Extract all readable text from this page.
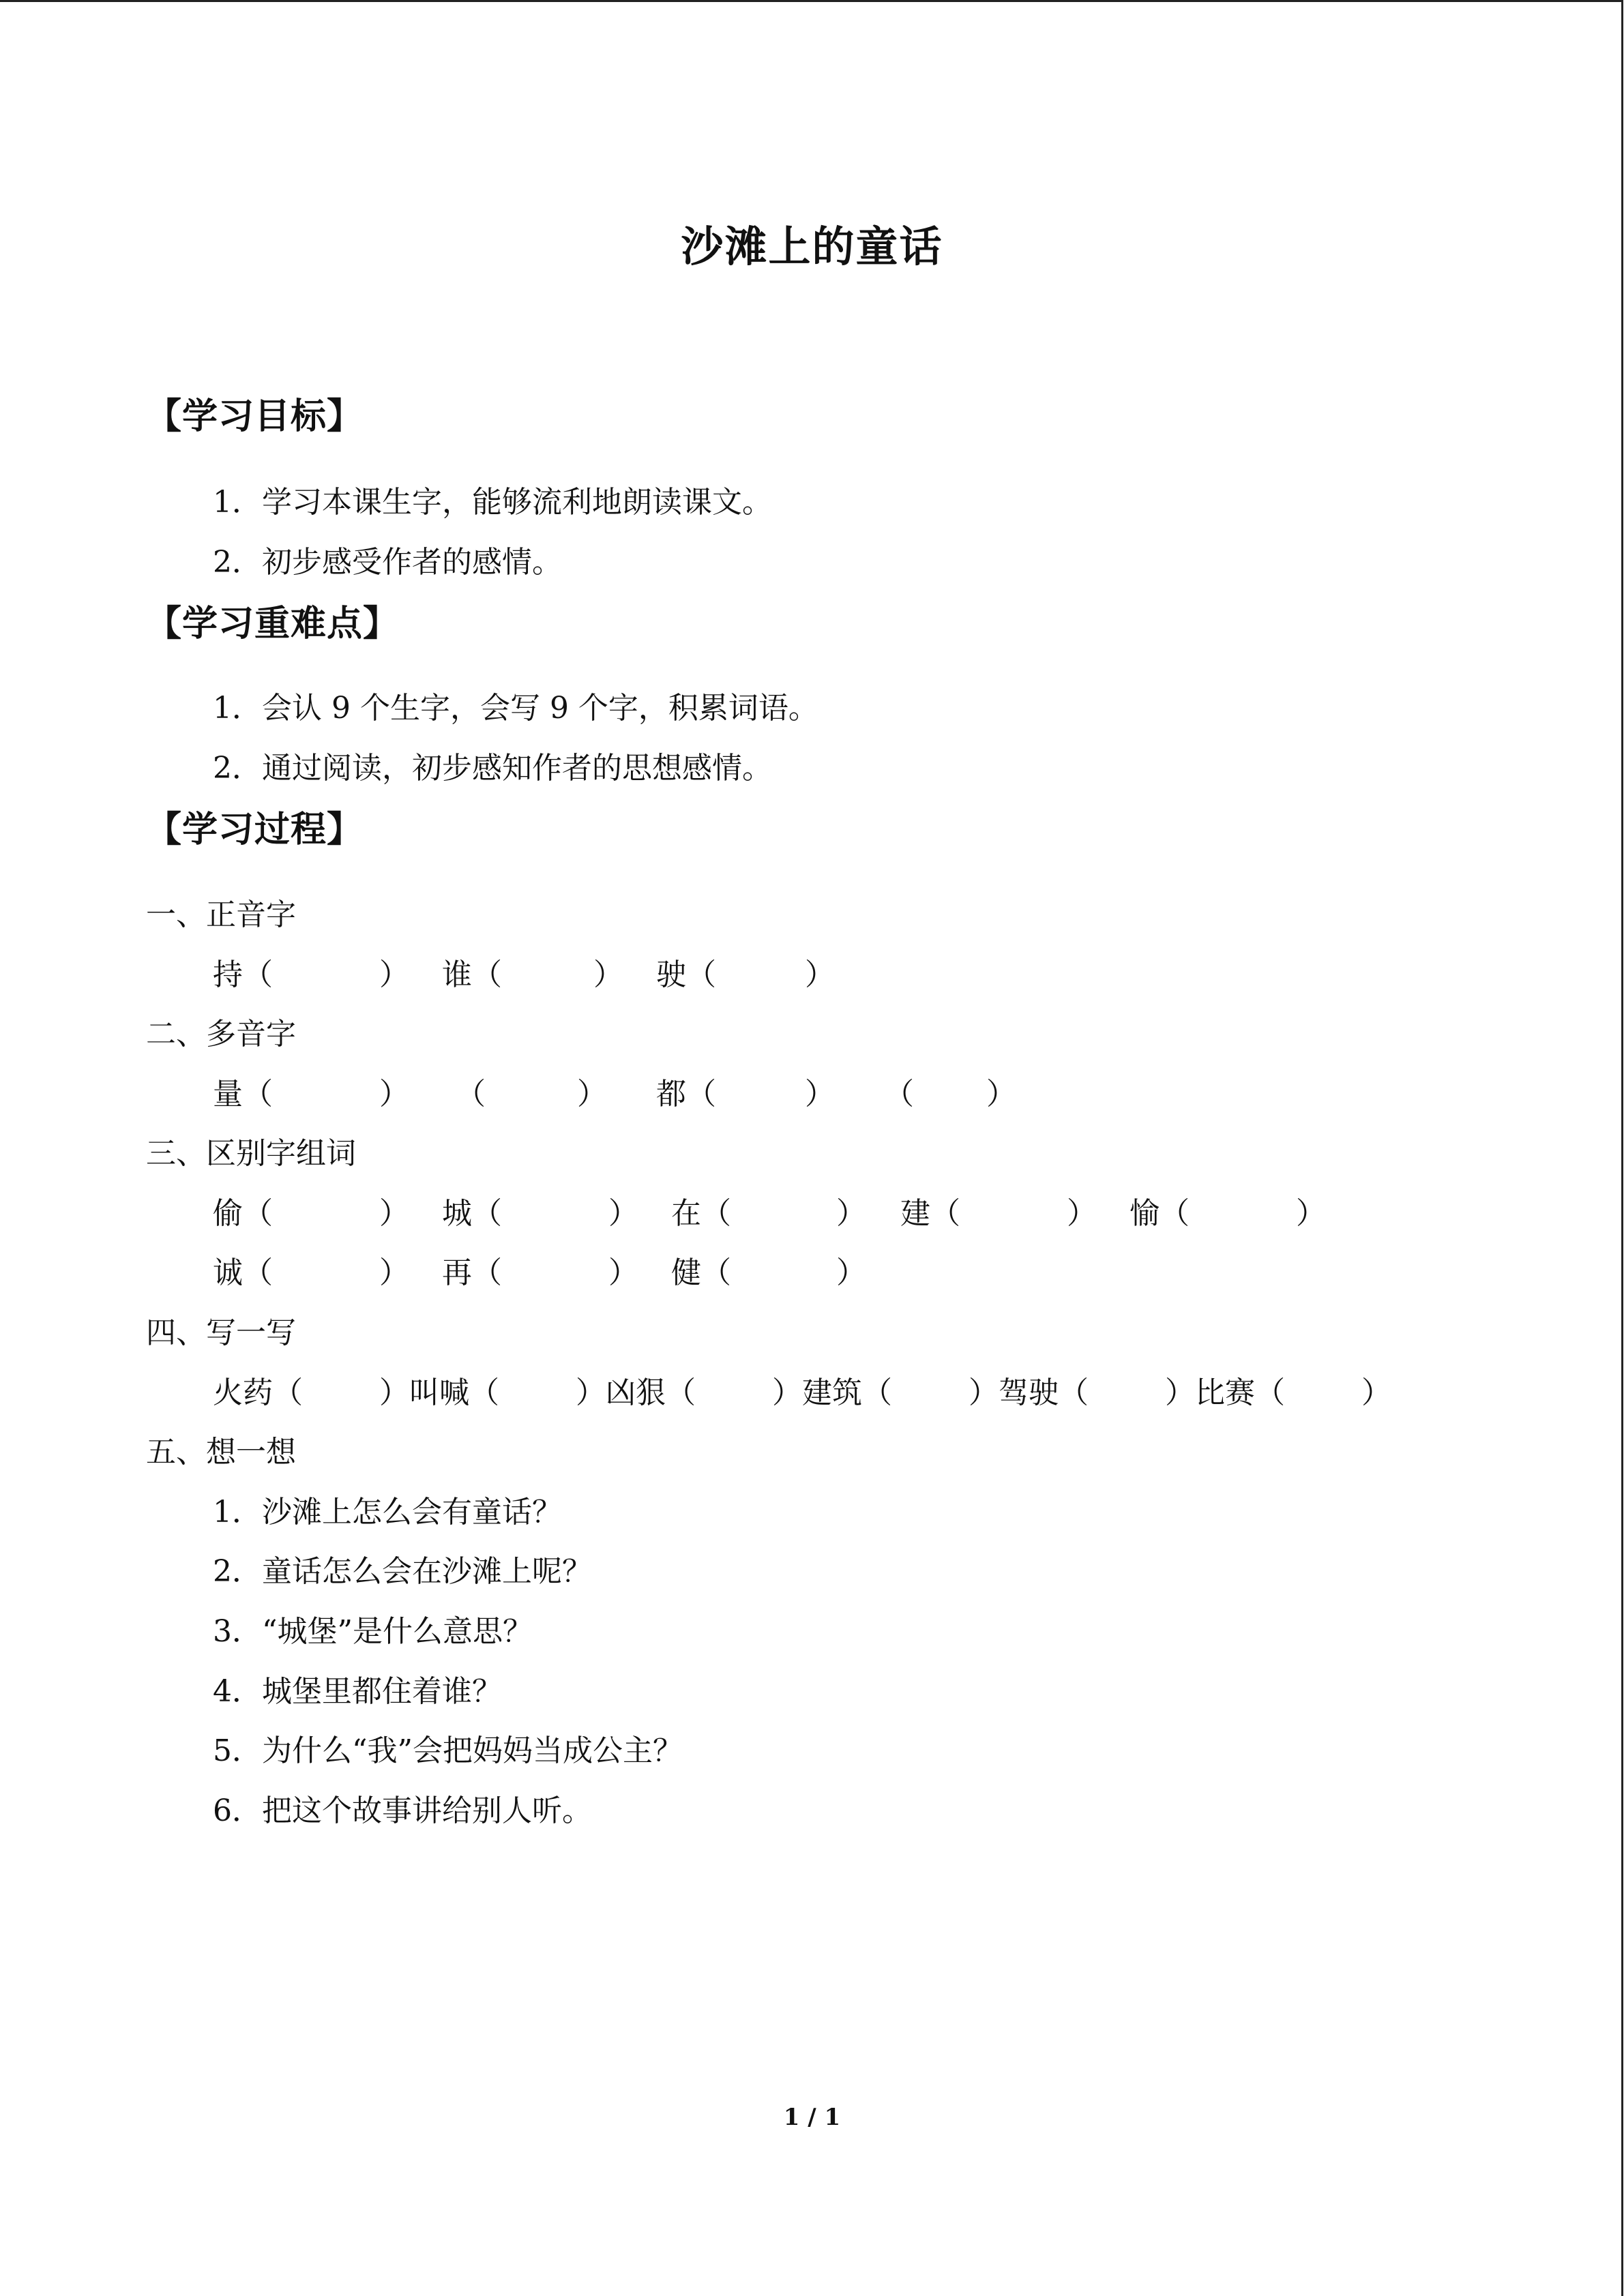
沙滩上的童话
【学习目标】
1．学习本课生字，能够流利地朗读课文。
2．初步感受作者的感情。
【学习重难点】
1．会认 9 个生字，会写 9 个字，积累词语。
2．通过阅读，初步感知作者的思想感情。
【学习过程】
一、正音字
持（	） 谁（	） 驶（	）
二、多音字
量（	） （	） 都（	） （ ）
三、区别字组词
偷（	） 城（	） 在（	） 建（	） 愉（	）
诚（	） 再（	） 健（	）
四、写一写
火药（	）叫喊（	）凶狠（	）建筑（	）驾驶（	）比赛（	）
五、想一想
1．沙滩上怎么会有童话？
2．童话怎么会在沙滩上呢？
3．“城堡”是什么意思？
4．城堡里都住着谁？
5．为什么“我”会把妈妈当成公主？
6．把这个故事讲给别人听。
1 / 1
